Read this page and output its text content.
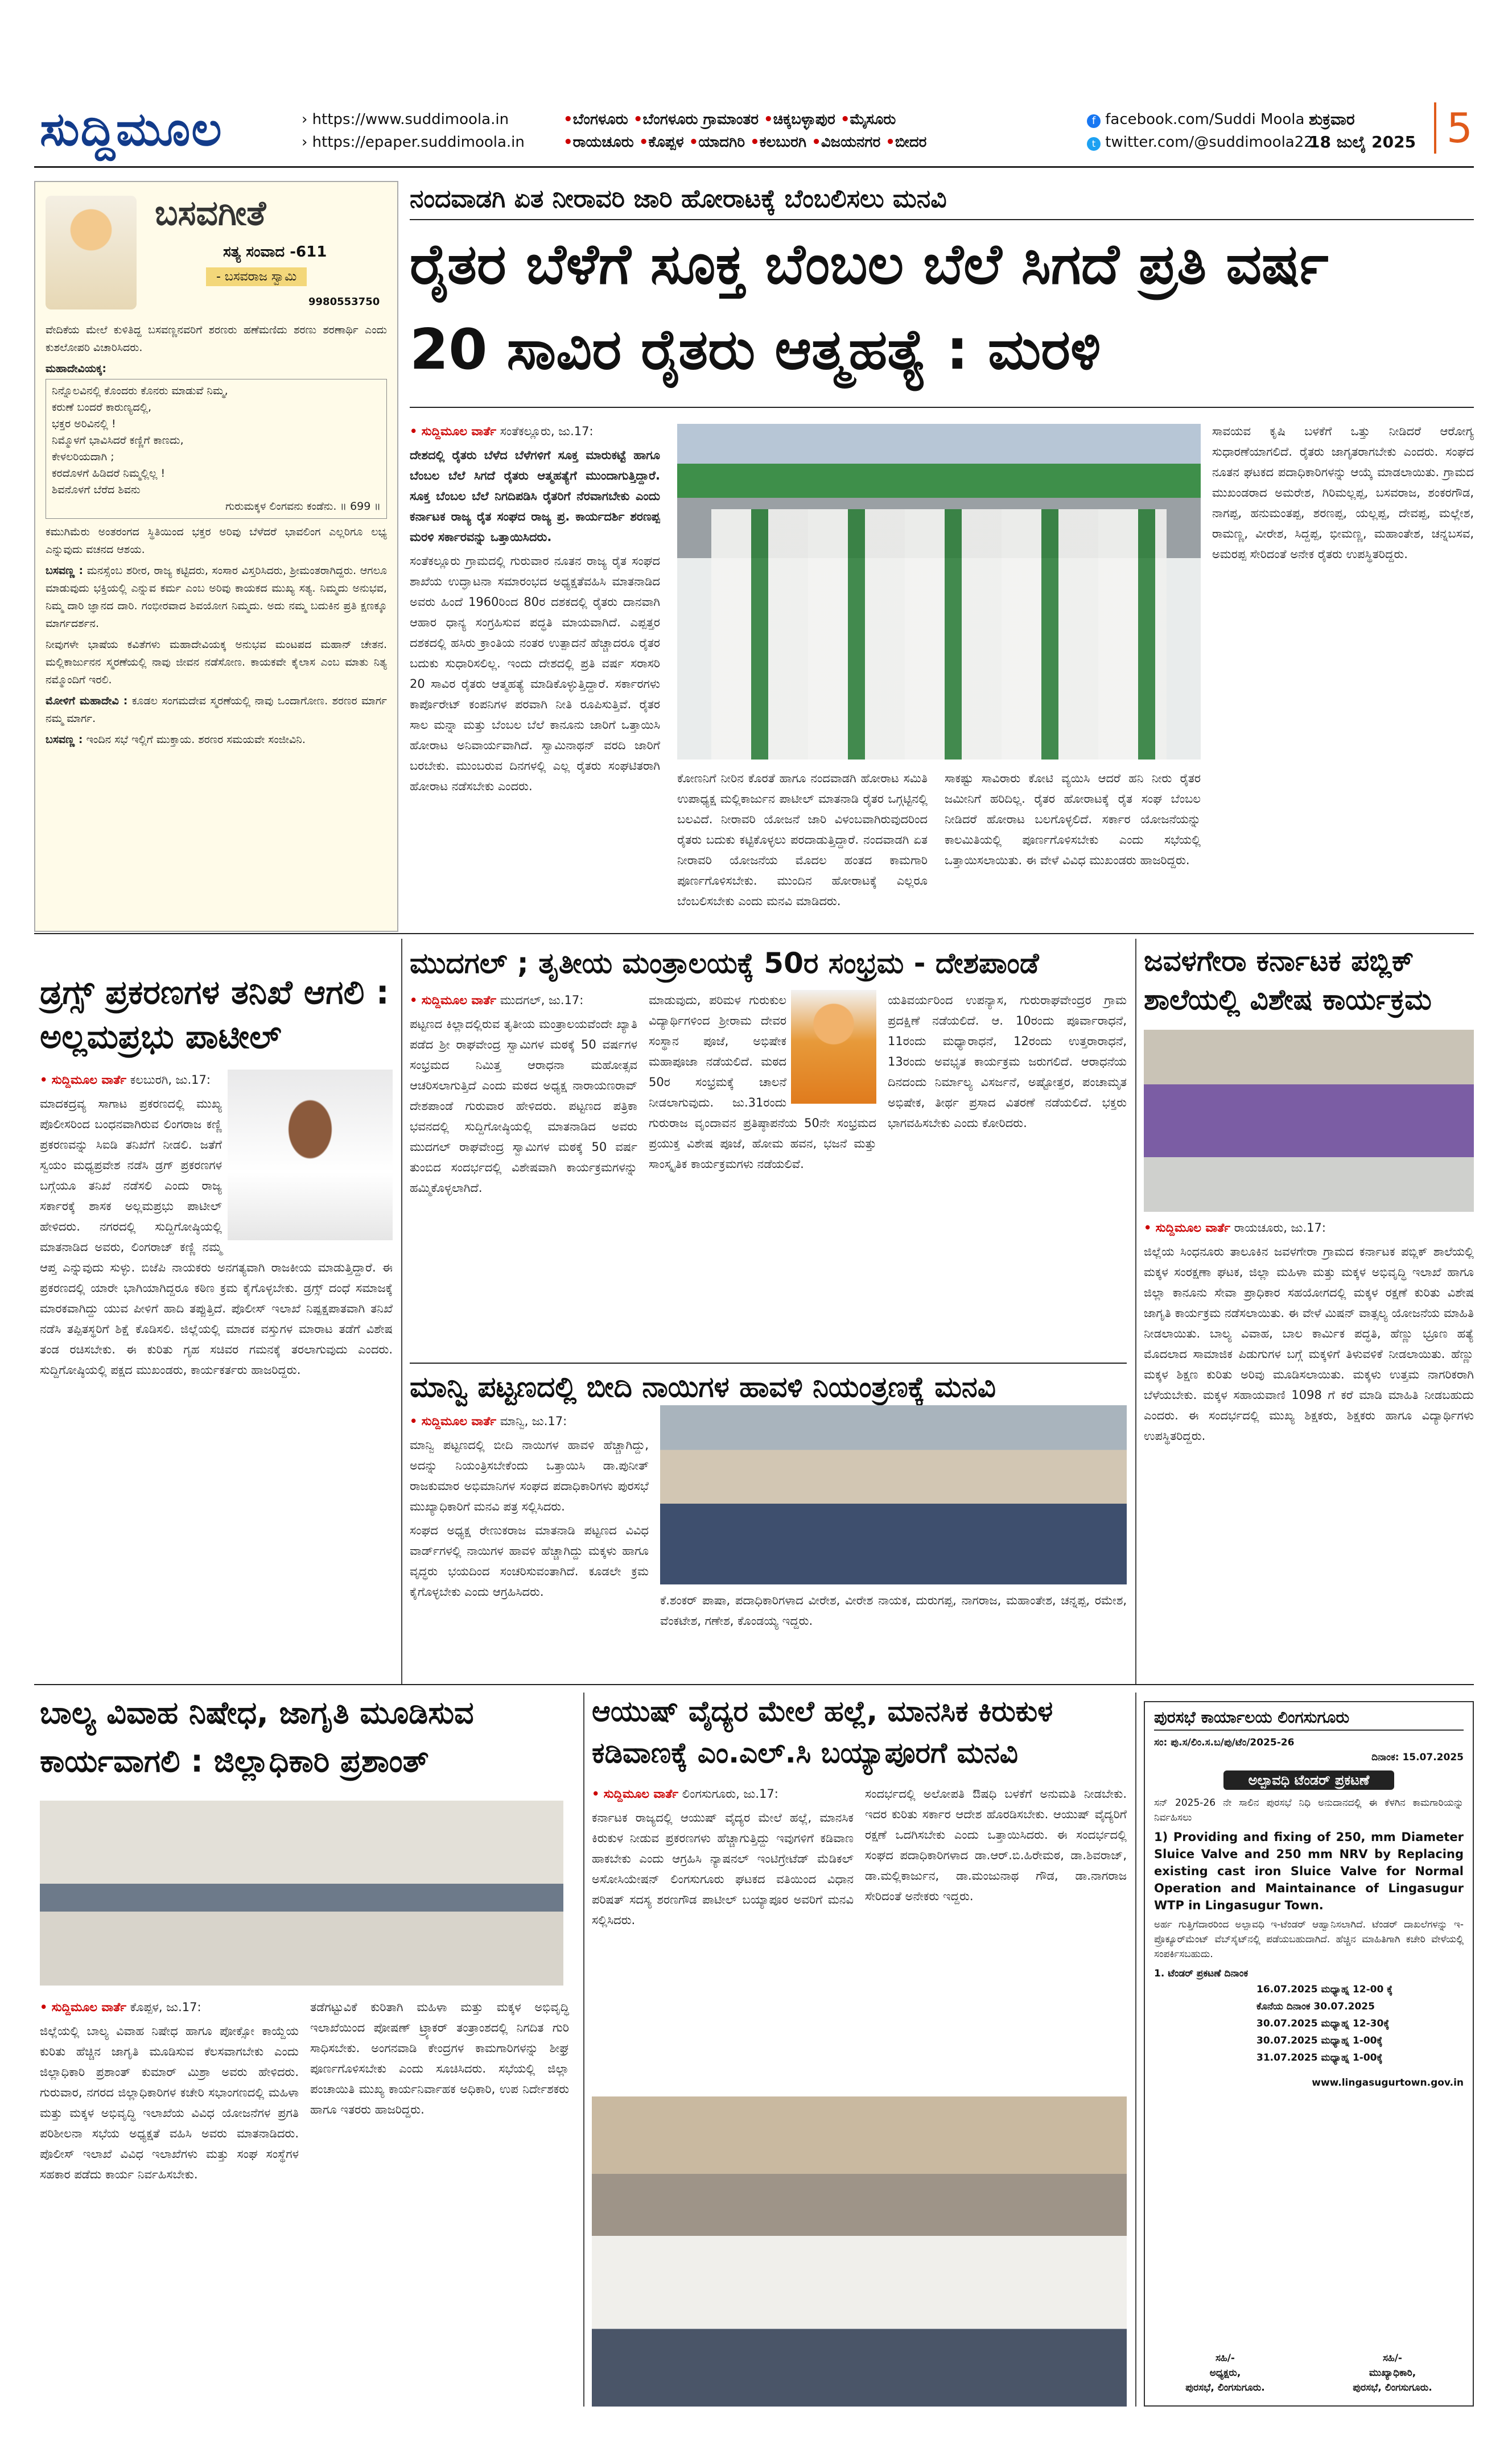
ಸುದ್ದಿಮೂಲ	› https://www.suddimoola.in
› https://epaper.suddimoola.in
•ಬೆಂಗಳೂರು •ಬೆಂಗಳೂರು ಗ್ರಾಮಾಂತರ •ಚಿಕ್ಕಬಳ್ಳಾಪುರ •ಮೈಸೂರು
•ರಾಯಚೂರು •ಕೊಪ್ಪಳ •ಯಾದಗಿರಿ •ಕಲಬುರಗಿ •ವಿಜಯನಗರ •ಬೀದರ
f facebook.com/Suddi Moola
t twitter.com/@suddimoola22
ಶುಕ್ರವಾರ
18 ಜುಲೈ 2025 5
ಬಸವಗೀತೆ
ಸತ್ಯ ಸಂವಾದ -611
- ಬಸವರಾಜ ಸ್ವಾಮಿ
9980553750

ವೇದಿಕೆಯ ಮೇಲೆ ಕುಳಿತಿದ್ದ ಬಸವಣ್ಣನವರಿಗೆ ಶರಣರು ಹಣೆಮಣಿದು ಶರಣು ಶರಣಾರ್ಥಿ ಎಂದು ಕುಶಲೋಪರಿ ವಿಚಾರಿಸಿದರು.

ಮಹಾದೇವಿಯಕ್ಕ:

ನಿನ್ನೊಲವಿನಲ್ಲಿ ಕೊಂದರು ಕೊನರು ಮಾಡುವೆ ನಿಮ್ಮ,
ಕರುಣೆ ಬಂದರೆ ಕಾರುಣ್ಯದಲ್ಲಿ,
ಭಕ್ತರ ಅರಿವಿನಲ್ಲಿ !
ನಿಮ್ಮೊಳಗೆ ಭಾವಿಸಿದರೆ ಕಣ್ಣಿಗೆ ಕಾಣದು,
ಕೇಳಲರಿಯದಾಗಿ ;
ಕರದೊಳಗೆ ಹಿಡಿದರೆ ನಿಮ್ಮಲ್ಲಿಲ್ಲ !
ಶಿವನೊಳಗೆ ಬೆರೆದ ಶಿವನು
ಗುರುಮಕ್ಕಳ ಲಿಂಗವನು ಕಂಡೆನು. ॥ 699 ॥

ಕಮುಗಿಮೆರು ಅಂತರಂಗದ ಸ್ಥಿತಿಯಿಂದ ಭಕ್ತರ ಅರಿವು ಬೆಳೆದರೆ ಭಾವಲಿಂಗ ಎಲ್ಲರಿಗೂ ಲಭ್ಯ ಎನ್ನುವುದು ವಚನದ ಆಶಯ.

ಬಸವಣ್ಣ : ಮನಸ್ಸೆಂಬ ಶರೀರ, ರಾಜ್ಯ ಕಟ್ಟಿದರು, ಸಂಸಾರ ವಿಸ್ತರಿಸಿದರು, ಶ್ರೀಮಂತರಾಗಿದ್ದರು. ಆಗಲೂ ಮಾಡುವುದು ಭಕ್ತಿಯಲ್ಲಿ ಎನ್ನುವ ಕರ್ಮ ಎಂಬ ಅರಿವು ಕಾಯಕದ ಮುಖ್ಯ ಸತ್ಯ. ನಿಮ್ಮದು ಅನುಭವ, ನಿಮ್ಮ ದಾರಿ ಜ್ಞಾನದ ದಾರಿ. ಗಂಭೀರವಾದ ಶಿವಯೋಗ ನಿಮ್ಮದು. ಅದು ನಮ್ಮ ಬದುಕಿನ ಪ್ರತಿ ಕ್ಷಣಕ್ಕೂ ಮಾರ್ಗದರ್ಶನ.

ನೀವುಗಳೇ ಭಾಷೆಯ ಕವಿತೆಗಳು ಮಹಾದೇವಿಯಕ್ಕ ಅನುಭವ ಮಂಟಪದ ಮಹಾನ್ ಚೇತನ. ಮಲ್ಲಿಕಾರ್ಜುನನ ಸ್ಮರಣೆಯಲ್ಲಿ ನಾವು ಜೀವನ ನಡೆಸೋಣ. ಕಾಯಕವೇ ಕೈಲಾಸ ಎಂಬ ಮಾತು ನಿತ್ಯ ನಮ್ಮೊಂದಿಗೆ ಇರಲಿ.

ಮೋಳಿಗೆ ಮಹಾದೇವಿ : ಕೂಡಲ ಸಂಗಮದೇವ ಸ್ಮರಣೆಯಲ್ಲಿ ನಾವು ಒಂದಾಗೋಣ. ಶರಣರ ಮಾರ್ಗ ನಮ್ಮ ಮಾರ್ಗ.

ಬಸವಣ್ಣ : ಇಂದಿನ ಸಭೆ ಇಲ್ಲಿಗೆ ಮುಕ್ತಾಯ. ಶರಣರ ಸಮಯವೇ ಸಂಜೀವಿನಿ.

ನಂದವಾಡಗಿ ಏತ ನೀರಾವರಿ ಜಾರಿ ಹೋರಾಟಕ್ಕೆ ಬೆಂಬಲಿಸಲು ಮನವಿ
ರೈತರ ಬೆಳೆಗೆ ಸೂಕ್ತ ಬೆಂಬಲ ಬೆಲೆ ಸಿಗದೆ ಪ್ರತಿ ವರ್ಷ
20 ಸಾವಿರ ರೈತರು ಆತ್ಮಹತ್ಯೆ : ಮರಳಿ

• ಸುದ್ದಿಮೂಲ ವಾರ್ತೆ ಸಂತೆಕಲ್ಲೂರು, ಜು.17:

ದೇಶದಲ್ಲಿ ರೈತರು ಬೆಳೆದ ಬೆಳೆಗಳಿಗೆ ಸೂಕ್ತ ಮಾರುಕಟ್ಟೆ ಹಾಗೂ ಬೆಂಬಲ ಬೆಲೆ ಸಿಗದೆ ರೈತರು ಆತ್ಮಹತ್ಯೆಗೆ ಮುಂದಾಗುತ್ತಿದ್ದಾರೆ. ಸೂಕ್ತ ಬೆಂಬಲ ಬೆಲೆ ನಿಗದಿಪಡಿಸಿ ರೈತರಿಗೆ ನೆರವಾಗಬೇಕು ಎಂದು ಕರ್ನಾಟಕ ರಾಜ್ಯ ರೈತ ಸಂಘದ ರಾಜ್ಯ ಪ್ರ. ಕಾರ್ಯದರ್ಶಿ ಶರಣಪ್ಪ ಮರಳಿ ಸರ್ಕಾರವನ್ನು ಒತ್ತಾಯಿಸಿದರು.

ಸಂತೆಕಲ್ಲೂರು ಗ್ರಾಮದಲ್ಲಿ ಗುರುವಾರ ನೂತನ ರಾಜ್ಯ ರೈತ ಸಂಘದ ಶಾಖೆಯ ಉದ್ಘಾಟನಾ ಸಮಾರಂಭದ ಅಧ್ಯಕ್ಷತೆವಹಿಸಿ ಮಾತನಾಡಿದ ಅವರು ಹಿಂದೆ 1960ರಿಂದ 80ರ ದಶಕದಲ್ಲಿ ರೈತರು ದಾನವಾಗಿ ಆಹಾರ ಧಾನ್ಯ ಸಂಗ್ರಹಿಸುವ ಪದ್ಧತಿ ಮಾಯವಾಗಿದೆ. ಎಪ್ಪತ್ತರ ದಶಕದಲ್ಲಿ ಹಸಿರು ಕ್ರಾಂತಿಯ ನಂತರ ಉತ್ಪಾದನೆ ಹೆಚ್ಚಾದರೂ ರೈತರ ಬದುಕು ಸುಧಾರಿಸಲಿಲ್ಲ. ಇಂದು ದೇಶದಲ್ಲಿ ಪ್ರತಿ ವರ್ಷ ಸರಾಸರಿ 20 ಸಾವಿರ ರೈತರು ಆತ್ಮಹತ್ಯೆ ಮಾಡಿಕೊಳ್ಳುತ್ತಿದ್ದಾರೆ. ಸರ್ಕಾರಗಳು ಕಾರ್ಪೊರೇಟ್ ಕಂಪನಿಗಳ ಪರವಾಗಿ ನೀತಿ ರೂಪಿಸುತ್ತಿವೆ. ರೈತರ ಸಾಲ ಮನ್ನಾ ಮತ್ತು ಬೆಂಬಲ ಬೆಲೆ ಕಾನೂನು ಜಾರಿಗೆ ಒತ್ತಾಯಿಸಿ ಹೋರಾಟ ಅನಿವಾರ್ಯವಾಗಿದೆ. ಸ್ವಾಮಿನಾಥನ್ ವರದಿ ಜಾರಿಗೆ ಬರಬೇಕು. ಮುಂಬರುವ ದಿನಗಳಲ್ಲಿ ಎಲ್ಲ ರೈತರು ಸಂಘಟಿತರಾಗಿ ಹೋರಾಟ ನಡೆಸಬೇಕು ಎಂದರು.

ಕೋಣನಿಗೆ ನೀರಿನ ಕೊರತೆ ಹಾಗೂ ನಂದವಾಡಗಿ ಹೋರಾಟ ಸಮಿತಿ ಉಪಾಧ್ಯಕ್ಷ ಮಲ್ಲಿಕಾರ್ಜುನ ಪಾಟೀಲ್ ಮಾತನಾಡಿ ರೈತರ ಒಗ್ಗಟ್ಟಿನಲ್ಲಿ ಬಲವಿದೆ. ನೀರಾವರಿ ಯೋಜನೆ ಜಾರಿ ವಿಳಂಬವಾಗಿರುವುದರಿಂದ ರೈತರು ಬದುಕು ಕಟ್ಟಿಕೊಳ್ಳಲು ಪರದಾಡುತ್ತಿದ್ದಾರೆ. ನಂದವಾಡಗಿ ಏತ ನೀರಾವರಿ ಯೋಜನೆಯ ಮೊದಲ ಹಂತದ ಕಾಮಗಾರಿ ಪೂರ್ಣಗೊಳಿಸಬೇಕು. ಮುಂದಿನ ಹೋರಾಟಕ್ಕೆ ಎಲ್ಲರೂ ಬೆಂಬಲಿಸಬೇಕು ಎಂದು ಮನವಿ ಮಾಡಿದರು.

ಸಾಕಷ್ಟು ಸಾವಿರಾರು ಕೋಟಿ ವ್ಯಯಿಸಿ ಆದರೆ ಹನಿ ನೀರು ರೈತರ ಜಮೀನಿಗೆ ಹರಿದಿಲ್ಲ. ರೈತರ ಹೋರಾಟಕ್ಕೆ ರೈತ ಸಂಘ ಬೆಂಬಲ ನೀಡಿದರೆ ಹೋರಾಟ ಬಲಗೊಳ್ಳಲಿದೆ. ಸರ್ಕಾರ ಯೋಜನೆಯನ್ನು ಕಾಲಮಿತಿಯಲ್ಲಿ ಪೂರ್ಣಗೊಳಿಸಬೇಕು ಎಂದು ಸಭೆಯಲ್ಲಿ ಒತ್ತಾಯಿಸಲಾಯಿತು. ಈ ವೇಳೆ ವಿವಿಧ ಮುಖಂಡರು ಹಾಜರಿದ್ದರು.

ಸಾವಯವ ಕೃಷಿ ಬಳಕೆಗೆ ಒತ್ತು ನೀಡಿದರೆ ಆರೋಗ್ಯ ಸುಧಾರಣೆಯಾಗಲಿದೆ. ರೈತರು ಜಾಗೃತರಾಗಬೇಕು ಎಂದರು. ಸಂಘದ ನೂತನ ಘಟಕದ ಪದಾಧಿಕಾರಿಗಳನ್ನು ಆಯ್ಕೆ ಮಾಡಲಾಯಿತು. ಗ್ರಾಮದ ಮುಖಂಡರಾದ ಅಮರೇಶ, ಗಿರಿಮಲ್ಲಪ್ಪ, ಬಸವರಾಜ, ಶಂಕರಗೌಡ, ನಾಗಪ್ಪ, ಹನುಮಂತಪ್ಪ, ಶರಣಪ್ಪ, ಯಲ್ಲಪ್ಪ, ದೇವಪ್ಪ, ಮಲ್ಲೇಶ, ರಾಮಣ್ಣ, ವೀರೇಶ, ಸಿದ್ದಪ್ಪ, ಭೀಮಣ್ಣ, ಮಹಾಂತೇಶ, ಚನ್ನಬಸವ, ಅಮರಪ್ಪ ಸೇರಿದಂತೆ ಅನೇಕ ರೈತರು ಉಪಸ್ಥಿತರಿದ್ದರು.

ಡ್ರಗ್ಸ್ ಪ್ರಕರಣಗಳ ತನಿಖೆ ಆಗಲಿ : ಅಲ್ಲಮಪ್ರಭು ಪಾಟೀಲ್

• ಸುದ್ದಿಮೂಲ ವಾರ್ತೆ ಕಲಬುರಗಿ, ಜು.17:

ಮಾದಕದ್ರವ್ಯ ಸಾಗಾಟ ಪ್ರಕರಣದಲ್ಲಿ ಮುಖ್ಯ ಪೊಲೀಸರಿಂದ ಬಂಧನವಾಗಿರುವ ಲಿಂಗರಾಜ ಕಣ್ಣಿ ಪ್ರಕರಣವನ್ನು ಸಿಐಡಿ ತನಿಖೆಗೆ ನೀಡಲಿ. ಜತೆಗೆ ಸ್ವಯಂ ಮಧ್ಯಪ್ರವೇಶ ನಡೆಸಿ ಡ್ರಗ್ ಪ್ರಕರಣಗಳ ಬಗ್ಗೆಯೂ ತನಿಖೆ ನಡೆಸಲಿ ಎಂದು ರಾಜ್ಯ ಸರ್ಕಾರಕ್ಕೆ ಶಾಸಕ ಅಲ್ಲಮಪ್ರಭು ಪಾಟೀಲ್ ಹೇಳಿದರು. ನಗರದಲ್ಲಿ ಸುದ್ದಿಗೋಷ್ಠಿಯಲ್ಲಿ ಮಾತನಾಡಿದ ಅವರು, ಲಿಂಗರಾಜ್ ಕಣ್ಣಿ ನಮ್ಮ ಆಪ್ತ ಎನ್ನುವುದು ಸುಳ್ಳು. ಬಿಜೆಪಿ ನಾಯಕರು ಅನಗತ್ಯವಾಗಿ ರಾಜಕೀಯ ಮಾಡುತ್ತಿದ್ದಾರೆ. ಈ ಪ್ರಕರಣದಲ್ಲಿ ಯಾರೇ ಭಾಗಿಯಾಗಿದ್ದರೂ ಕಠಿಣ ಕ್ರಮ ಕೈಗೊಳ್ಳಬೇಕು. ಡ್ರಗ್ಸ್ ದಂಧೆ ಸಮಾಜಕ್ಕೆ ಮಾರಕವಾಗಿದ್ದು ಯುವ ಪೀಳಿಗೆ ಹಾದಿ ತಪ್ಪುತ್ತಿದೆ. ಪೊಲೀಸ್ ಇಲಾಖೆ ನಿಷ್ಪಕ್ಷಪಾತವಾಗಿ ತನಿಖೆ ನಡೆಸಿ ತಪ್ಪಿತಸ್ಥರಿಗೆ ಶಿಕ್ಷೆ ಕೊಡಿಸಲಿ. ಜಿಲ್ಲೆಯಲ್ಲಿ ಮಾದಕ ವಸ್ತುಗಳ ಮಾರಾಟ ತಡೆಗೆ ವಿಶೇಷ ತಂಡ ರಚಿಸಬೇಕು. ಈ ಕುರಿತು ಗೃಹ ಸಚಿವರ ಗಮನಕ್ಕೆ ತರಲಾಗುವುದು ಎಂದರು. ಸುದ್ದಿಗೋಷ್ಠಿಯಲ್ಲಿ ಪಕ್ಷದ ಮುಖಂಡರು, ಕಾರ್ಯಕರ್ತರು ಹಾಜರಿದ್ದರು.

ಮುದಗಲ್ ; ತೃತೀಯ ಮಂತ್ರಾಲಯಕ್ಕೆ 50ರ ಸಂಭ್ರಮ - ದೇಶಪಾಂಡೆ

• ಸುದ್ದಿಮೂಲ ವಾರ್ತೆ ಮುದಗಲ್, ಜು.17:

ಪಟ್ಟಣದ ಕಿಲ್ಲಾದಲ್ಲಿರುವ ತೃತೀಯ ಮಂತ್ರಾಲಯವೆಂದೇ ಖ್ಯಾತಿ ಪಡೆದ ಶ್ರೀ ರಾಘವೇಂದ್ರ ಸ್ವಾಮಿಗಳ ಮಠಕ್ಕೆ 50 ವರ್ಷಗಳ ಸಂಭ್ರಮದ ನಿಮಿತ್ತ ಆರಾಧನಾ ಮಹೋತ್ಸವ ಆಚರಿಸಲಾಗುತ್ತಿದೆ ಎಂದು ಮಠದ ಅಧ್ಯಕ್ಷ ನಾರಾಯಣರಾವ್ ದೇಶಪಾಂಡೆ ಗುರುವಾರ ಹೇಳಿದರು. ಪಟ್ಟಣದ ಪತ್ರಿಕಾ ಭವನದಲ್ಲಿ ಸುದ್ದಿಗೋಷ್ಠಿಯಲ್ಲಿ ಮಾತನಾಡಿದ ಅವರು ಮುದಗಲ್ ರಾಘವೇಂದ್ರ ಸ್ವಾಮಿಗಳ ಮಠಕ್ಕೆ 50 ವರ್ಷ ತುಂಬಿದ ಸಂದರ್ಭದಲ್ಲಿ ವಿಶೇಷವಾಗಿ ಕಾರ್ಯಕ್ರಮಗಳನ್ನು ಹಮ್ಮಿಕೊಳ್ಳಲಾಗಿದೆ.

ಮಾಡುವುದು, ಪರಿಮಳ ಗುರುಕುಲ ವಿದ್ಯಾರ್ಥಿಗಳಿಂದ ಶ್ರೀರಾಮ ದೇವರ ಸಂಸ್ಥಾನ ಪೂಜೆ, ಅಭಿಷೇಕ ಮಹಾಪೂಜಾ ನಡೆಯಲಿದೆ. ಮಠದ 50ರ ಸಂಭ್ರಮಕ್ಕೆ ಚಾಲನೆ ನೀಡಲಾಗುವುದು. ಜು.31ರಂದು ಗುರುರಾಜ ವೃಂದಾವನ ಪ್ರತಿಷ್ಠಾಪನೆಯ 50ನೇ ಸಂಭ್ರಮದ ಪ್ರಯುಕ್ತ ವಿಶೇಷ ಪೂಜೆ, ಹೋಮ ಹವನ, ಭಜನೆ ಮತ್ತು ಸಾಂಸ್ಕೃತಿಕ ಕಾರ್ಯಕ್ರಮಗಳು ನಡೆಯಲಿವೆ.

ಯತಿವರ್ಯರಿಂದ ಉಪನ್ಯಾಸ, ಗುರುರಾಘವೇಂದ್ರರ ಗ್ರಾಮ ಪ್ರದಕ್ಷಿಣೆ ನಡೆಯಲಿದೆ. ಆ. 10ರಂದು ಪೂರ್ವಾರಾಧನೆ, 11ರಂದು ಮಧ್ಯಾರಾಧನೆ, 12ರಂದು ಉತ್ತರಾರಾಧನೆ, 13ರಂದು ಅವಭೃತ ಕಾರ್ಯಕ್ರಮ ಜರುಗಲಿದೆ. ಆರಾಧನೆಯ ದಿನದಂದು ನಿರ್ಮಾಲ್ಯ ವಿಸರ್ಜನೆ, ಅಷ್ಟೋತ್ತರ, ಪಂಚಾಮೃತ ಅಭಿಷೇಕ, ತೀರ್ಥ ಪ್ರಸಾದ ವಿತರಣೆ ನಡೆಯಲಿದೆ. ಭಕ್ತರು ಭಾಗವಹಿಸಬೇಕು ಎಂದು ಕೋರಿದರು.

ಜವಳಗೇರಾ ಕರ್ನಾಟಕ ಪಬ್ಲಿಕ್ ಶಾಲೆಯಲ್ಲಿ ವಿಶೇಷ ಕಾರ್ಯಕ್ರಮ

• ಸುದ್ದಿಮೂಲ ವಾರ್ತೆ ರಾಯಚೂರು, ಜು.17:

ಜಿಲ್ಲೆಯ ಸಿಂಧನೂರು ತಾಲೂಕಿನ ಜವಳಗೇರಾ ಗ್ರಾಮದ ಕರ್ನಾಟಕ ಪಬ್ಲಿಕ್ ಶಾಲೆಯಲ್ಲಿ ಮಕ್ಕಳ ಸಂರಕ್ಷಣಾ ಘಟಕ, ಜಿಲ್ಲಾ ಮಹಿಳಾ ಮತ್ತು ಮಕ್ಕಳ ಅಭಿವೃದ್ಧಿ ಇಲಾಖೆ ಹಾಗೂ ಜಿಲ್ಲಾ ಕಾನೂನು ಸೇವಾ ಪ್ರಾಧಿಕಾರ ಸಹಯೋಗದಲ್ಲಿ ಮಕ್ಕಳ ರಕ್ಷಣೆ ಕುರಿತು ವಿಶೇಷ ಜಾಗೃತಿ ಕಾರ್ಯಕ್ರಮ ನಡೆಸಲಾಯಿತು. ಈ ವೇಳೆ ಮಿಷನ್ ವಾತ್ಸಲ್ಯ ಯೋಜನೆಯ ಮಾಹಿತಿ ನೀಡಲಾಯಿತು. ಬಾಲ್ಯ ವಿವಾಹ, ಬಾಲ ಕಾರ್ಮಿಕ ಪದ್ಧತಿ, ಹೆಣ್ಣು ಭ್ರೂಣ ಹತ್ಯೆ ಮೊದಲಾದ ಸಾಮಾಜಿಕ ಪಿಡುಗುಗಳ ಬಗ್ಗೆ ಮಕ್ಕಳಿಗೆ ತಿಳುವಳಿಕೆ ನೀಡಲಾಯಿತು. ಹೆಣ್ಣು ಮಕ್ಕಳ ಶಿಕ್ಷಣ ಕುರಿತು ಅರಿವು ಮೂಡಿಸಲಾಯಿತು. ಮಕ್ಕಳು ಉತ್ತಮ ನಾಗರಿಕರಾಗಿ ಬೆಳೆಯಬೇಕು. ಮಕ್ಕಳ ಸಹಾಯವಾಣಿ 1098 ಗೆ ಕರೆ ಮಾಡಿ ಮಾಹಿತಿ ನೀಡಬಹುದು ಎಂದರು. ಈ ಸಂದರ್ಭದಲ್ಲಿ ಮುಖ್ಯ ಶಿಕ್ಷಕರು, ಶಿಕ್ಷಕರು ಹಾಗೂ ವಿದ್ಯಾರ್ಥಿಗಳು ಉಪಸ್ಥಿತರಿದ್ದರು.

ಮಾನ್ವಿ ಪಟ್ಟಣದಲ್ಲಿ ಬೀದಿ ನಾಯಿಗಳ ಹಾವಳಿ ನಿಯಂತ್ರಣಕ್ಕೆ ಮನವಿ

• ಸುದ್ದಿಮೂಲ ವಾರ್ತೆ ಮಾನ್ವಿ, ಜು.17:

ಮಾನ್ವಿ ಪಟ್ಟಣದಲ್ಲಿ ಬೀದಿ ನಾಯಿಗಳ ಹಾವಳಿ ಹೆಚ್ಚಾಗಿದ್ದು, ಅದನ್ನು ನಿಯಂತ್ರಿಸಬೇಕೆಂದು ಒತ್ತಾಯಿಸಿ ಡಾ.ಪುನೀತ್ ರಾಜಕುಮಾರ ಅಭಿಮಾನಿಗಳ ಸಂಘದ ಪದಾಧಿಕಾರಿಗಳು ಪುರಸಭೆ ಮುಖ್ಯಾಧಿಕಾರಿಗೆ ಮನವಿ ಪತ್ರ ಸಲ್ಲಿಸಿದರು.

ಸಂಘದ ಅಧ್ಯಕ್ಷ ರೇಣುಕರಾಜ ಮಾತನಾಡಿ ಪಟ್ಟಣದ ವಿವಿಧ ವಾರ್ಡ್‌ಗಳಲ್ಲಿ ನಾಯಿಗಳ ಹಾವಳಿ ಹೆಚ್ಚಾಗಿದ್ದು ಮಕ್ಕಳು ಹಾಗೂ ವೃದ್ಧರು ಭಯದಿಂದ ಸಂಚರಿಸುವಂತಾಗಿದೆ. ಕೂಡಲೇ ಕ್ರಮ ಕೈಗೊಳ್ಳಬೇಕು ಎಂದು ಆಗ್ರಹಿಸಿದರು.

ಕೆ.ಶಂಕರ್ ಪಾಷಾ, ಪದಾಧಿಕಾರಿಗಳಾದ ವೀರೇಶ, ವೀರೇಶ ನಾಯಕ, ದುರುಗಪ್ಪ, ನಾಗರಾಜ, ಮಹಾಂತೇಶ, ಚನ್ನಪ್ಪ, ರಮೇಶ, ವೆಂಕಟೇಶ, ಗಣೇಶ, ಕೊಂಡಯ್ಯ ಇದ್ದರು.

ಬಾಲ್ಯ ವಿವಾಹ ನಿಷೇಧ, ಜಾಗೃತಿ ಮೂಡಿಸುವ
ಕಾರ್ಯವಾಗಲಿ : ಜಿಲ್ಲಾಧಿಕಾರಿ ಪ್ರಶಾಂತ್

• ಸುದ್ದಿಮೂಲ ವಾರ್ತೆ ಕೊಪ್ಪಳ, ಜು.17:

ಜಿಲ್ಲೆಯಲ್ಲಿ ಬಾಲ್ಯ ವಿವಾಹ ನಿಷೇಧ ಹಾಗೂ ಪೋಕ್ಸೋ ಕಾಯ್ದೆಯ ಕುರಿತು ಹೆಚ್ಚಿನ ಜಾಗೃತಿ ಮೂಡಿಸುವ ಕೆಲಸವಾಗಬೇಕು ಎಂದು ಜಿಲ್ಲಾಧಿಕಾರಿ ಪ್ರಶಾಂತ್ ಕುಮಾರ್ ಮಿಶ್ರಾ ಅವರು ಹೇಳಿದರು. ಗುರುವಾರ, ನಗರದ ಜಿಲ್ಲಾಧಿಕಾರಿಗಳ ಕಚೇರಿ ಸಭಾಂಗಣದಲ್ಲಿ ಮಹಿಳಾ ಮತ್ತು ಮಕ್ಕಳ ಅಭಿವೃದ್ಧಿ ಇಲಾಖೆಯ ವಿವಿಧ ಯೋಜನೆಗಳ ಪ್ರಗತಿ ಪರಿಶೀಲನಾ ಸಭೆಯ ಅಧ್ಯಕ್ಷತೆ ವಹಿಸಿ ಅವರು ಮಾತನಾಡಿದರು. ಪೊಲೀಸ್ ಇಲಾಖೆ ವಿವಿಧ ಇಲಾಖೆಗಳು ಮತ್ತು ಸಂಘ ಸಂಸ್ಥೆಗಳ ಸಹಕಾರ ಪಡೆದು ಕಾರ್ಯ ನಿರ್ವಹಿಸಬೇಕು.

ತಡೆಗಟ್ಟುವಿಕೆ ಕುರಿತಾಗಿ ಮಹಿಳಾ ಮತ್ತು ಮಕ್ಕಳ ಅಭಿವೃದ್ಧಿ ಇಲಾಖೆಯಿಂದ ಪೋಷಣ್ ಟ್ರ್ಯಾಕರ್ ತಂತ್ರಾಂಶದಲ್ಲಿ ನಿಗದಿತ ಗುರಿ ಸಾಧಿಸಬೇಕು. ಅಂಗನವಾಡಿ ಕೇಂದ್ರಗಳ ಕಾಮಗಾರಿಗಳನ್ನು ಶೀಘ್ರ ಪೂರ್ಣಗೊಳಿಸಬೇಕು ಎಂದು ಸೂಚಿಸಿದರು. ಸಭೆಯಲ್ಲಿ ಜಿಲ್ಲಾ ಪಂಚಾಯಿತಿ ಮುಖ್ಯ ಕಾರ್ಯನಿರ್ವಾಹಕ ಅಧಿಕಾರಿ, ಉಪ ನಿರ್ದೇಶಕರು ಹಾಗೂ ಇತರರು ಹಾಜರಿದ್ದರು.

ಆಯುಷ್ ವೈದ್ಯರ ಮೇಲೆ ಹಲ್ಲೆ, ಮಾನಸಿಕ ಕಿರುಕುಳ
ಕಡಿವಾಣಕ್ಕೆ ಎಂ.ಎಲ್.ಸಿ ಬಯ್ಯಾಪೂರಗೆ ಮನವಿ

• ಸುದ್ದಿಮೂಲ ವಾರ್ತೆ ಲಿಂಗಸುಗೂರು, ಜು.17:

ಕರ್ನಾಟಕ ರಾಜ್ಯದಲ್ಲಿ ಆಯುಷ್ ವೈದ್ಯರ ಮೇಲೆ ಹಲ್ಲೆ, ಮಾನಸಿಕ ಕಿರುಕುಳ ನೀಡುವ ಪ್ರಕರಣಗಳು ಹೆಚ್ಚಾಗುತ್ತಿದ್ದು ಇವುಗಳಿಗೆ ಕಡಿವಾಣ ಹಾಕಬೇಕು ಎಂದು ಆಗ್ರಹಿಸಿ ನ್ಯಾಷನಲ್ ಇಂಟಿಗ್ರೇಟೆಡ್ ಮೆಡಿಕಲ್ ಅಸೋಸಿಯೇಷನ್ ಲಿಂಗಸುಗೂರು ಘಟಕದ ವತಿಯಿಂದ ವಿಧಾನ ಪರಿಷತ್ ಸದಸ್ಯ ಶರಣಗೌಡ ಪಾಟೀಲ್ ಬಯ್ಯಾಪೂರ ಅವರಿಗೆ ಮನವಿ ಸಲ್ಲಿಸಿದರು.

ಸಂದರ್ಭದಲ್ಲಿ ಅಲೋಪತಿ ಔಷಧಿ ಬಳಕೆಗೆ ಅನುಮತಿ ನೀಡಬೇಕು. ಇದರ ಕುರಿತು ಸರ್ಕಾರ ಆದೇಶ ಹೊರಡಿಸಬೇಕು. ಆಯುಷ್ ವೈದ್ಯರಿಗೆ ರಕ್ಷಣೆ ಒದಗಿಸಬೇಕು ಎಂದು ಒತ್ತಾಯಿಸಿದರು. ಈ ಸಂದರ್ಭದಲ್ಲಿ ಸಂಘದ ಪದಾಧಿಕಾರಿಗಳಾದ ಡಾ.ಆರ್.ಬಿ.ಹಿರೇಮಠ, ಡಾ.ಶಿವರಾಜ್, ಡಾ.ಮಲ್ಲಿಕಾರ್ಜುನ, ಡಾ.ಮಂಜುನಾಥ ಗೌಡ, ಡಾ.ನಾಗರಾಜ ಸೇರಿದಂತೆ ಅನೇಕರು ಇದ್ದರು.

ಪುರಸಭೆ ಕಾರ್ಯಾಲಯ ಲಿಂಗಸುಗೂರು
ಸಂ: ಪು.ಸ/ಲಿಂ.ಸ.ಬ/ಪು/ಟೆಂ/2025-26
ದಿನಾಂಕ: 15.07.2025
ಅಲ್ಪಾವಧಿ ಟೆಂಡರ್ ಪ್ರಕಟಣೆ

ಸನ್ 2025-26 ನೇ ಸಾಲಿನ ಪುರಸಭೆ ನಿಧಿ ಅನುದಾನದಲ್ಲಿ ಈ ಕೆಳಗಿನ ಕಾಮಗಾರಿಯನ್ನು ನಿರ್ವಹಿಸಲು

1) Providing and fixing of 250, mm Diameter Sluice Valve and 250 mm NRV by Replacing existing cast iron Sluice Valve for Normal Operation and Maintainance of Lingasugur WTP in Lingasugur Town.

ಅರ್ಹ ಗುತ್ತಿಗೆದಾರರಿಂದ ಅಲ್ಪಾವಧಿ ಇ-ಟೆಂಡರ್ ಆಹ್ವಾನಿಸಲಾಗಿದೆ. ಟೆಂಡರ್ ದಾಖಲೆಗಳನ್ನು ಇ-ಪ್ರೊಕ್ಯೂರ್‌ಮೆಂಟ್ ವೆಬ್‌ಸೈಟ್‌ನಲ್ಲಿ ಪಡೆಯಬಹುದಾಗಿದೆ. ಹೆಚ್ಚಿನ ಮಾಹಿತಿಗಾಗಿ ಕಚೇರಿ ವೇಳೆಯಲ್ಲಿ ಸಂಪರ್ಕಿಸಬಹುದು.

1. ಟೆಂಡರ್ ಪ್ರಕಟಣೆ ದಿನಾಂಕ
16.07.2025 ಮಧ್ಯಾಹ್ನ 12-00 ಕ್ಕೆ
ಕೊನೆಯ ದಿನಾಂಕ 30.07.2025
30.07.2025 ಮಧ್ಯಾಹ್ನ 12-30ಕ್ಕೆ
30.07.2025 ಮಧ್ಯಾಹ್ನ 1-00ಕ್ಕೆ
31.07.2025 ಮಧ್ಯಾಹ್ನ 1-00ಕ್ಕೆ
www.lingasugurtown.gov.in
ಸಹಿ/-
ಅಧ್ಯಕ್ಷರು,
ಪುರಸಭೆ, ಲಿಂಗಸುಗೂರು.
ಸಹಿ/-
ಮುಖ್ಯಾಧಿಕಾರಿ,
ಪುರಸಭೆ, ಲಿಂಗಸುಗೂರು.
